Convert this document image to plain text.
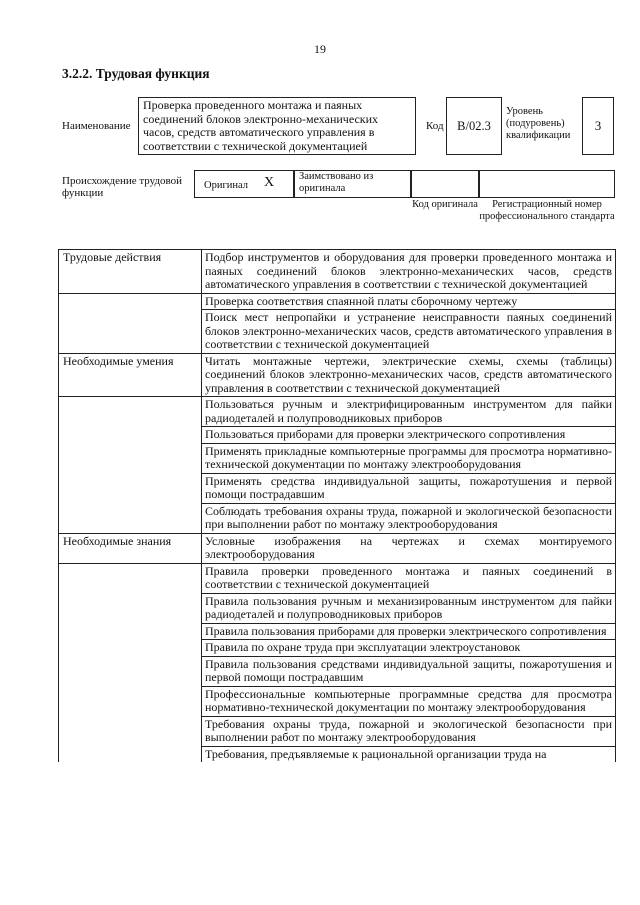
19
3.2.2. Трудовая функция
Наименование
Проверка проведенного монтажа и паяных соединений блоков электронно-механических часов, средств автоматического управления в соответствии с технической документацией
Код	B/02.3
Уровень (подуровень) квалификации
3
Происхождение трудовой функции
Оригинал X Заимствовано из оригинала
Код оригинала	Регистрационный номер профессионального стандарта
Трудовые действия	Подбор инструментов и оборудования для проверки проведенного монтажа и паяных соединений блоков электронно-механических часов, средств автоматического управления в соответствии с технической документацией
	Проверка соответствия спаянной платы сборочному чертежу
	Поиск мест непропайки и устранение неисправности паяных соединений блоков электронно-механических часов, средств автоматического управления в соответствии с технической документацией
Необходимые умения	Читать монтажные чертежи, электрические схемы, схемы (таблицы) соединений блоков электронно-механических часов, средств автоматического управления в соответствии с технической документацией
	Пользоваться ручным и электрифицированным инструментом для пайки радиодеталей и полупроводниковых приборов
	Пользоваться приборами для проверки электрического сопротивления
	Применять прикладные компьютерные программы для просмотра нормативно-технической документации по монтажу электрооборудования
	Применять средства индивидуальной защиты, пожаротушения и первой помощи пострадавшим
	Соблюдать требования охраны труда, пожарной и экологической безопасности при выполнении работ по монтажу электрооборудования
Необходимые знания	Условные изображения на чертежах и схемах монтируемого электрооборудования
	Правила проверки проведенного монтажа и паяных соединений в соответствии с технической документацией
	Правила пользования ручным и механизированным инструментом для пайки радиодеталей и полупроводниковых приборов
	Правила пользования приборами для проверки электрического сопротивления
	Правила по охране труда при эксплуатации электроустановок
	Правила пользования средствами индивидуальной защиты, пожаротушения и первой помощи пострадавшим
	Профессиональные компьютерные программные средства для просмотра нормативно-технической документации по монтажу электрооборудования
	Требования охраны труда, пожарной и экологической безопасности при выполнении работ по монтажу электрооборудования
	Требования, предъявляемые к рациональной организации труда на
